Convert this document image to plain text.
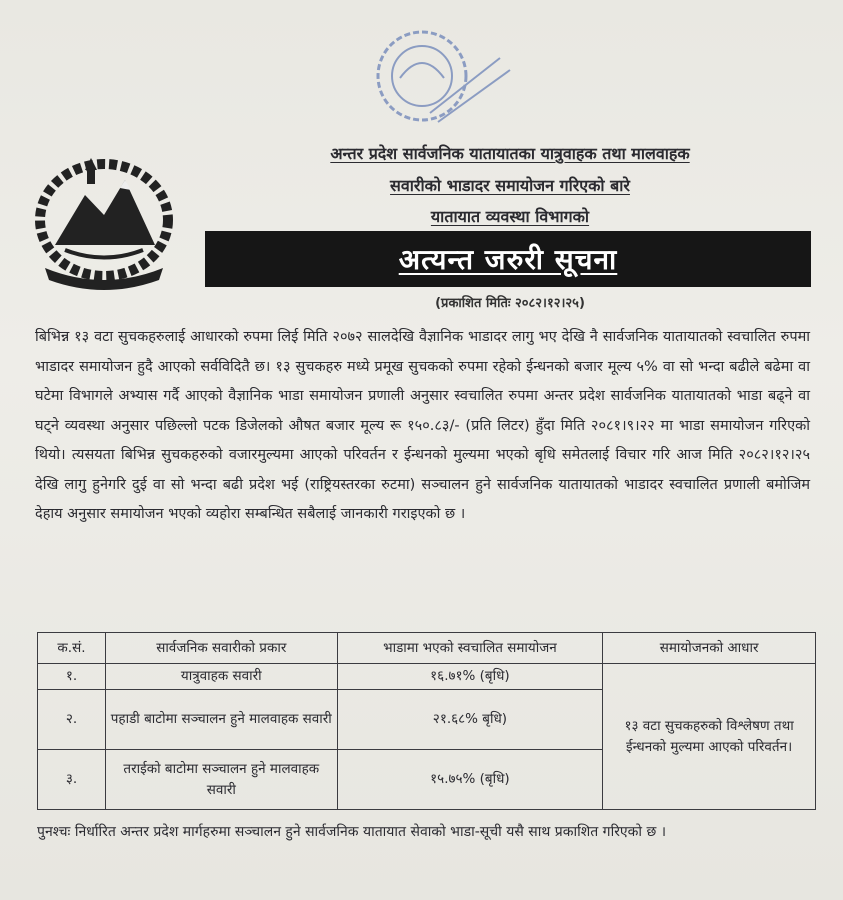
अन्तर प्रदेश सार्वजनिक यातायातका यात्रुवाहक तथा मालवाहक
सवारीको भाडादर समायोजन गरिएको बारे
यातायात व्यवस्था विभागको
अत्यन्त जरुरी सूचना
(प्रकाशित मितिः २०८२।१२।२५)
बिभिन्न १३ वटा सुचकहरुलाई आधारको रुपमा लिई मिति २०७२ सालदेखि वैज्ञानिक भाडादर लागु भए देखि नै सार्वजनिक यातायातको स्वचालित रुपमा भाडादर समायोजन हुदै आएको सर्वविदितै छ। १३ सुचकहरु मध्ये प्रमूख सुचकको रुपमा रहेको ईन्धनको बजार मूल्य ५% वा सो भन्दा बढीले बढेमा वा घटेमा विभागले अभ्यास गर्दै आएको वैज्ञानिक भाडा समायोजन प्रणाली अनुसार स्वचालित रुपमा अन्तर प्रदेश सार्वजनिक यातायातको भाडा बढ्ने वा घट्ने व्यवस्था अनुसार पछिल्लो पटक डिजेलको औषत बजार मूल्य रू १५०.८३/- (प्रति लिटर) हुँदा मिति २०८१।९।२२ मा भाडा समायोजन गरिएको थियो। त्यसयता बिभिन्न सुचकहरुको वजारमुल्यमा आएको परिवर्तन र ईन्धनको मुल्यमा भएको बृधि समेतलाई विचार गरि आज मिति २०८२।१२।२५ देखि लागु हुनेगरि दुई वा सो भन्दा बढी प्रदेश भई (राष्ट्रियस्तरका रुटमा) सञ्चालन हुने सार्वजनिक यातायातको भाडादर स्वचालित प्रणाली बमोजिम देहाय अनुसार समायोजन भएको व्यहोरा सम्बन्धित सबैलाई जानकारी गराइएको छ ।
क.सं.	सार्वजनिक सवारीको प्रकार	भाडामा भएको स्वचालित समायोजन	समायोजनको आधार
१.	यात्रुवाहक सवारी	१६.७१% (बृधि)	१३ वटा सुचकहरुको विश्लेषण तथा ईन्धनको मुल्यमा आएको परिवर्तन।
२.	पहाडी बाटोमा सञ्चालन हुने मालवाहक सवारी	२१.६८% बृधि)	
३.	तराईको बाटोमा सञ्चालन हुने मालवाहक सवारी	१५.७५% (बृधि)	
पुनश्चः निर्धारित अन्तर प्रदेश मार्गहरुमा सञ्चालन हुने सार्वजनिक यातायात सेवाको भाडा-सूची यसै साथ प्रकाशित गरिएको छ ।
